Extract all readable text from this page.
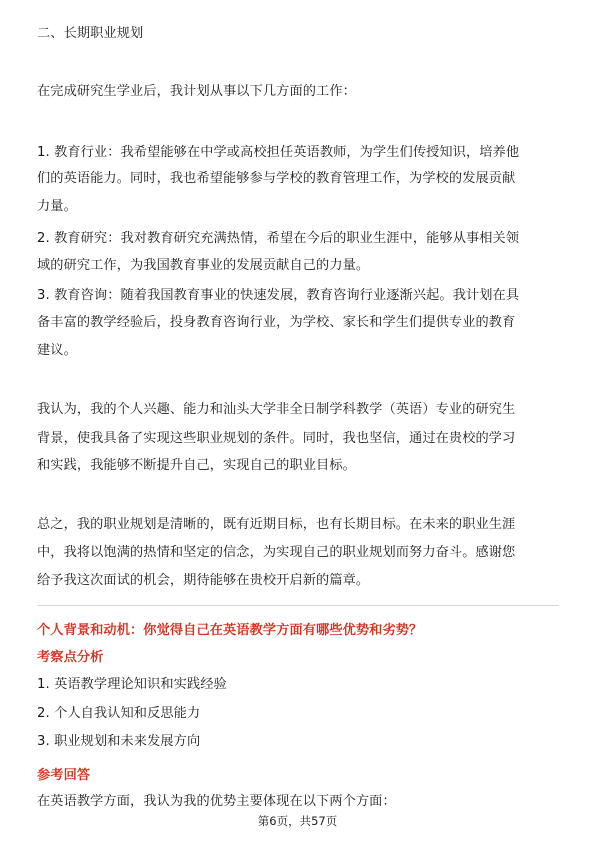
二、长期职业规划
在完成研究生学业后，我计划从事以下几方面的工作：
1. 教育行业：我希望能够在中学或高校担任英语教师，为学生们传授知识，培养他
们的英语能力。同时，我也希望能够参与学校的教育管理工作，为学校的发展贡献
力量。
2. 教育研究：我对教育研究充满热情，希望在今后的职业生涯中，能够从事相关领
域的研究工作，为我国教育事业的发展贡献自己的力量。
3. 教育咨询：随着我国教育事业的快速发展，教育咨询行业逐渐兴起。我计划在具
备丰富的教学经验后，投身教育咨询行业，为学校、家长和学生们提供专业的教育
建议。
我认为，我的个人兴趣、能力和汕头大学非全日制学科教学（英语）专业的研究生
背景，使我具备了实现这些职业规划的条件。同时，我也坚信，通过在贵校的学习
和实践，我能够不断提升自己，实现自己的职业目标。
总之，我的职业规划是清晰的，既有近期目标，也有长期目标。在未来的职业生涯
中，我将以饱满的热情和坚定的信念，为实现自己的职业规划而努力奋斗。感谢您
给予我这次面试的机会，期待能够在贵校开启新的篇章。
个人背景和动机：你觉得自己在英语教学方面有哪些优势和劣势？
考察点分析
1. 英语教学理论知识和实践经验
2. 个人自我认知和反思能力
3. 职业规划和未来发展方向
参考回答
在英语教学方面，我认为我的优势主要体现在以下两个方面：
第6页，共57页
